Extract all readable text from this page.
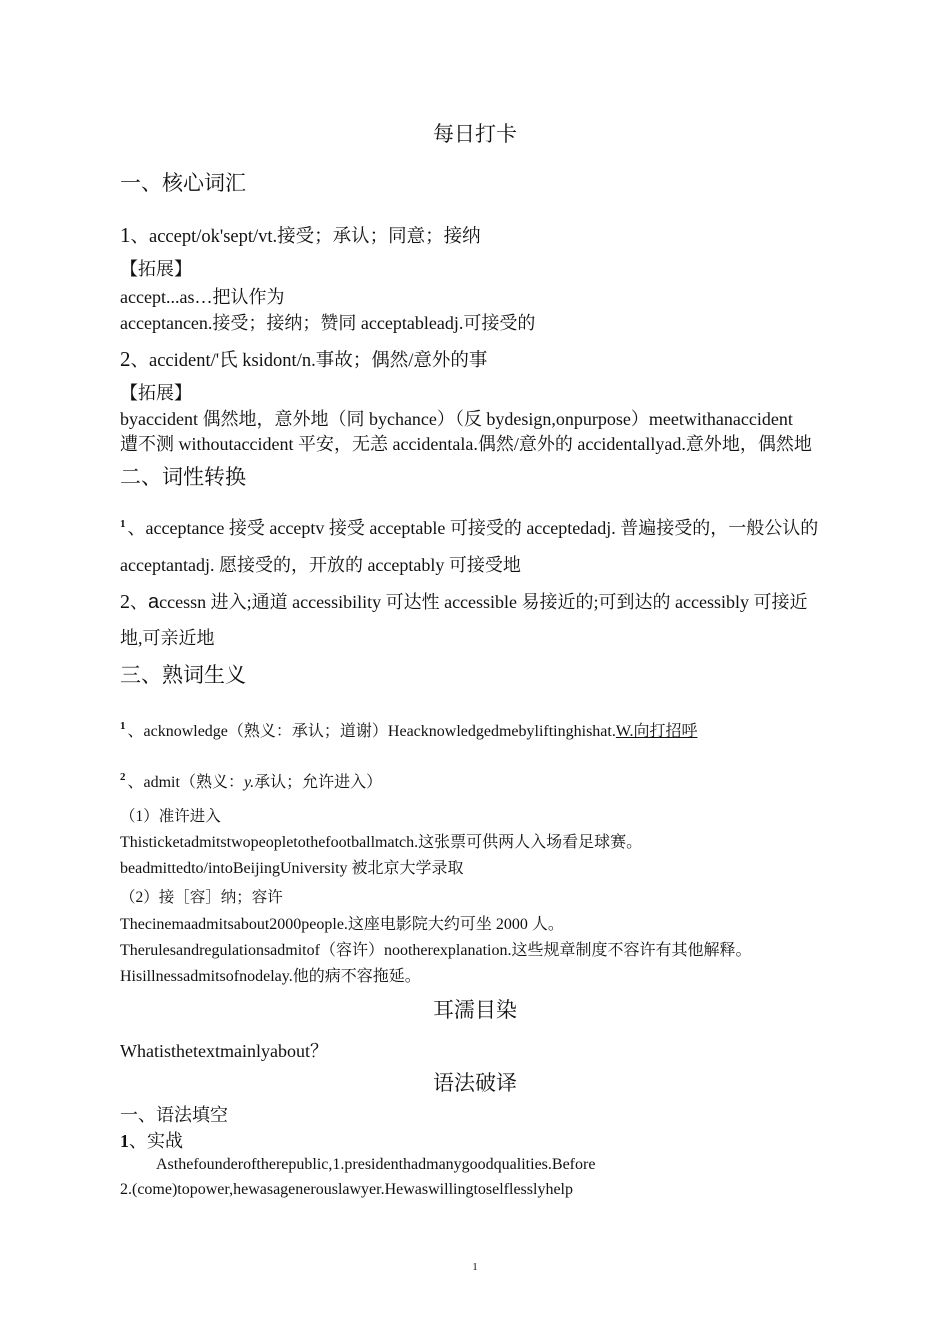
每日打卡
一、核心词汇
1、accept/ok'sept/vt.接受；承认；同意；接纳
【拓展】
accept...as…把认作为
acceptancen.接受；接纳；赞同 acceptableadj.可接受的
2、accident/'氏 ksidont/n.事故；偶然/意外的事
【拓展】
byaccident 偶然地，意外地（同 bychance）（反 bydesign,onpurpose）meetwithanaccident
遭不测 withoutaccident 平安，无恙 accidentala.偶然/意外的 accidentallyad.意外地，偶然地
二、词性转换
$^1$ 、acceptance 接受 acceptv 接受 acceptable 可接受的 acceptedadj. 普遍接受的，一般公认的
acceptantadj. 愿接受的，开放的 acceptably 可接受地
2、accessn 进入;通道 accessibility 可达性 accessible 易接近的;可到达的 accessibly 可接近
地,可亲近地
三、熟词生义
$^1$ 、acknowledge（熟义：承认；道谢）Heacknowledgedmebyliftinghishat.W.向打招呼
$^2$ 、admit（熟义：y.承认；允许进入）
（1）准许进入
Thisticketadmitstwopeopletothefootballmatch.这张票可供两人入场看足球赛。
beadmittedto/intoBeijingUniversity 被北京大学录取
（2）接［容］纳；容许
Thecinemaadmitsabout2000people.这座电影院大约可坐 2000 人。
Therulesandregulationsadmitof（容许）nootherexplanation.这些规章制度不容许有其他解释。
Hisillnessadmitsofnodelay.他的病不容拖延。
耳濡目染
Whatisthetextmainlyabout？
语法破译
一、语法填空
1、实战
Asthefounderoftherepublic,1.presidenthadmanygoodqualities.Before
2.(come)topower,hewasagenerouslawyer.Hewaswillingtoselflesslyhelp
1
